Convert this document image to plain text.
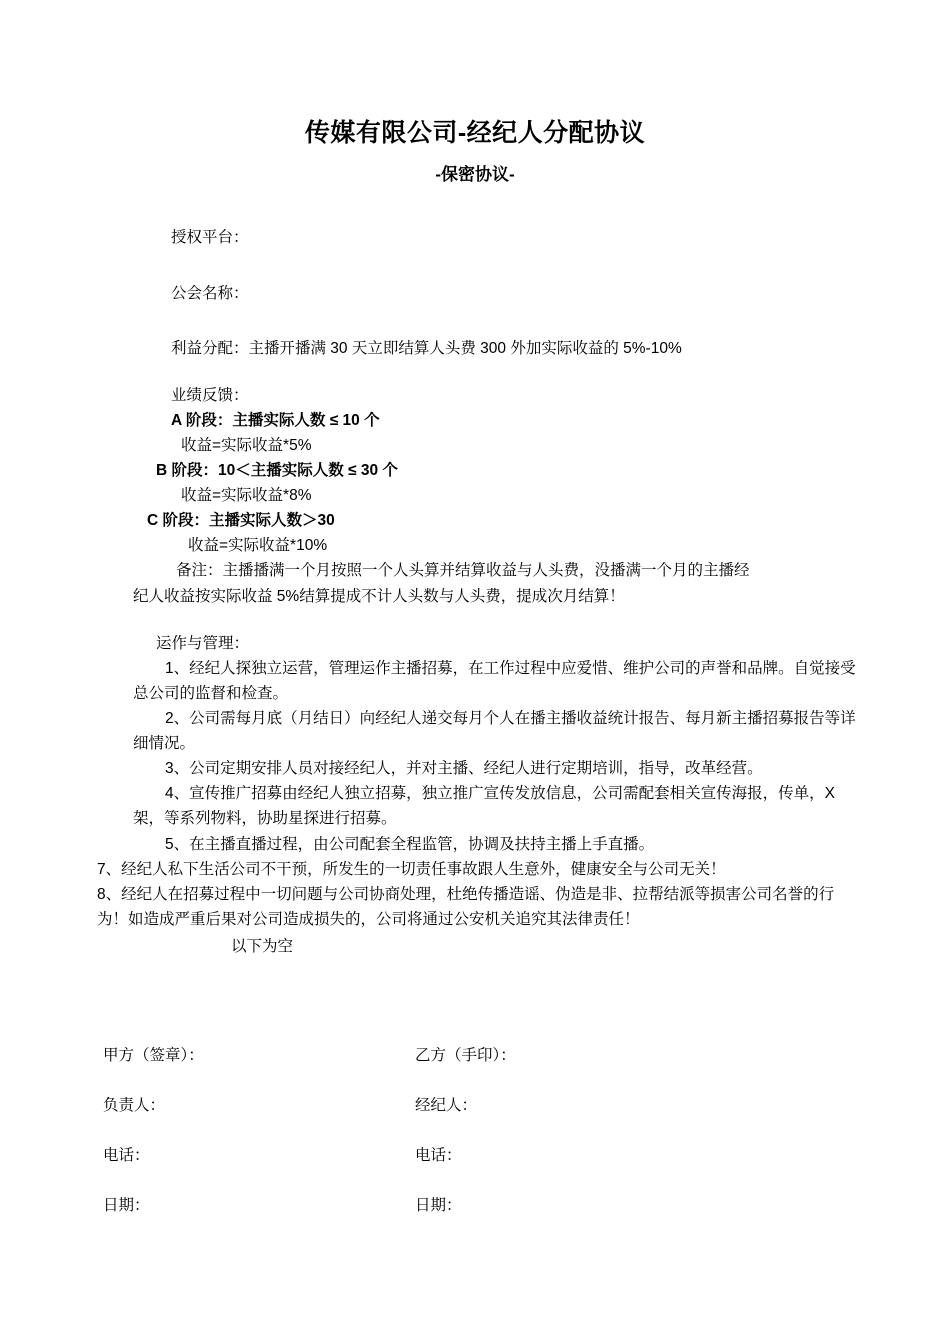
传媒有限公司-经纪人分配协议
-保密协议-
授权平台：
公会名称：
利益分配：主播开播满 30 天立即结算人头费 300 外加实际收益的 5%-10%
业绩反馈：
A 阶段：主播实际人数 ≤ 10 个
收益=实际收益*5%
B 阶段：10＜主播实际人数 ≤ 30 个
收益=实际收益*8%
C 阶段：主播实际人数＞30
收益=实际收益*10%
备注：主播播满一个月按照一个人头算并结算收益与人头费，没播满一个月的主播经
纪人收益按实际收益 5%结算提成不计人头数与人头费，提成次月结算！
运作与管理：
1、经纪人探独立运营，管理运作主播招募，在工作过程中应爱惜、维护公司的声誉和品牌。自觉接受总公司的监督和检查。
2、公司需每月底（月结日）向经纪人递交每月个人在播主播收益统计报告、每月新主播招募报告等详细情况。
3、公司定期安排人员对接经纪人，并对主播、经纪人进行定期培训，指导，改革经营。
4、宣传推广招募由经纪人独立招募，独立推广宣传发放信息，公司需配套相关宣传海报，传单，X 架，等系列物料，协助星探进行招募。
5、在主播直播过程，由公司配套全程监管，协调及扶持主播上手直播。
7、经纪人私下生活公司不干预，所发生的一切责任事故跟人生意外，健康安全与公司无关！
8、经纪人在招募过程中一切问题与公司协商处理，杜绝传播造谣、伪造是非、拉帮结派等损害公司名誉的行为！如造成严重后果对公司造成损失的，公司将通过公安机关追究其法律责任！
以下为空
甲方（签章）：	乙方（手印）：
负责人：	经纪人：
电话：	电话：
日期：	日期：
